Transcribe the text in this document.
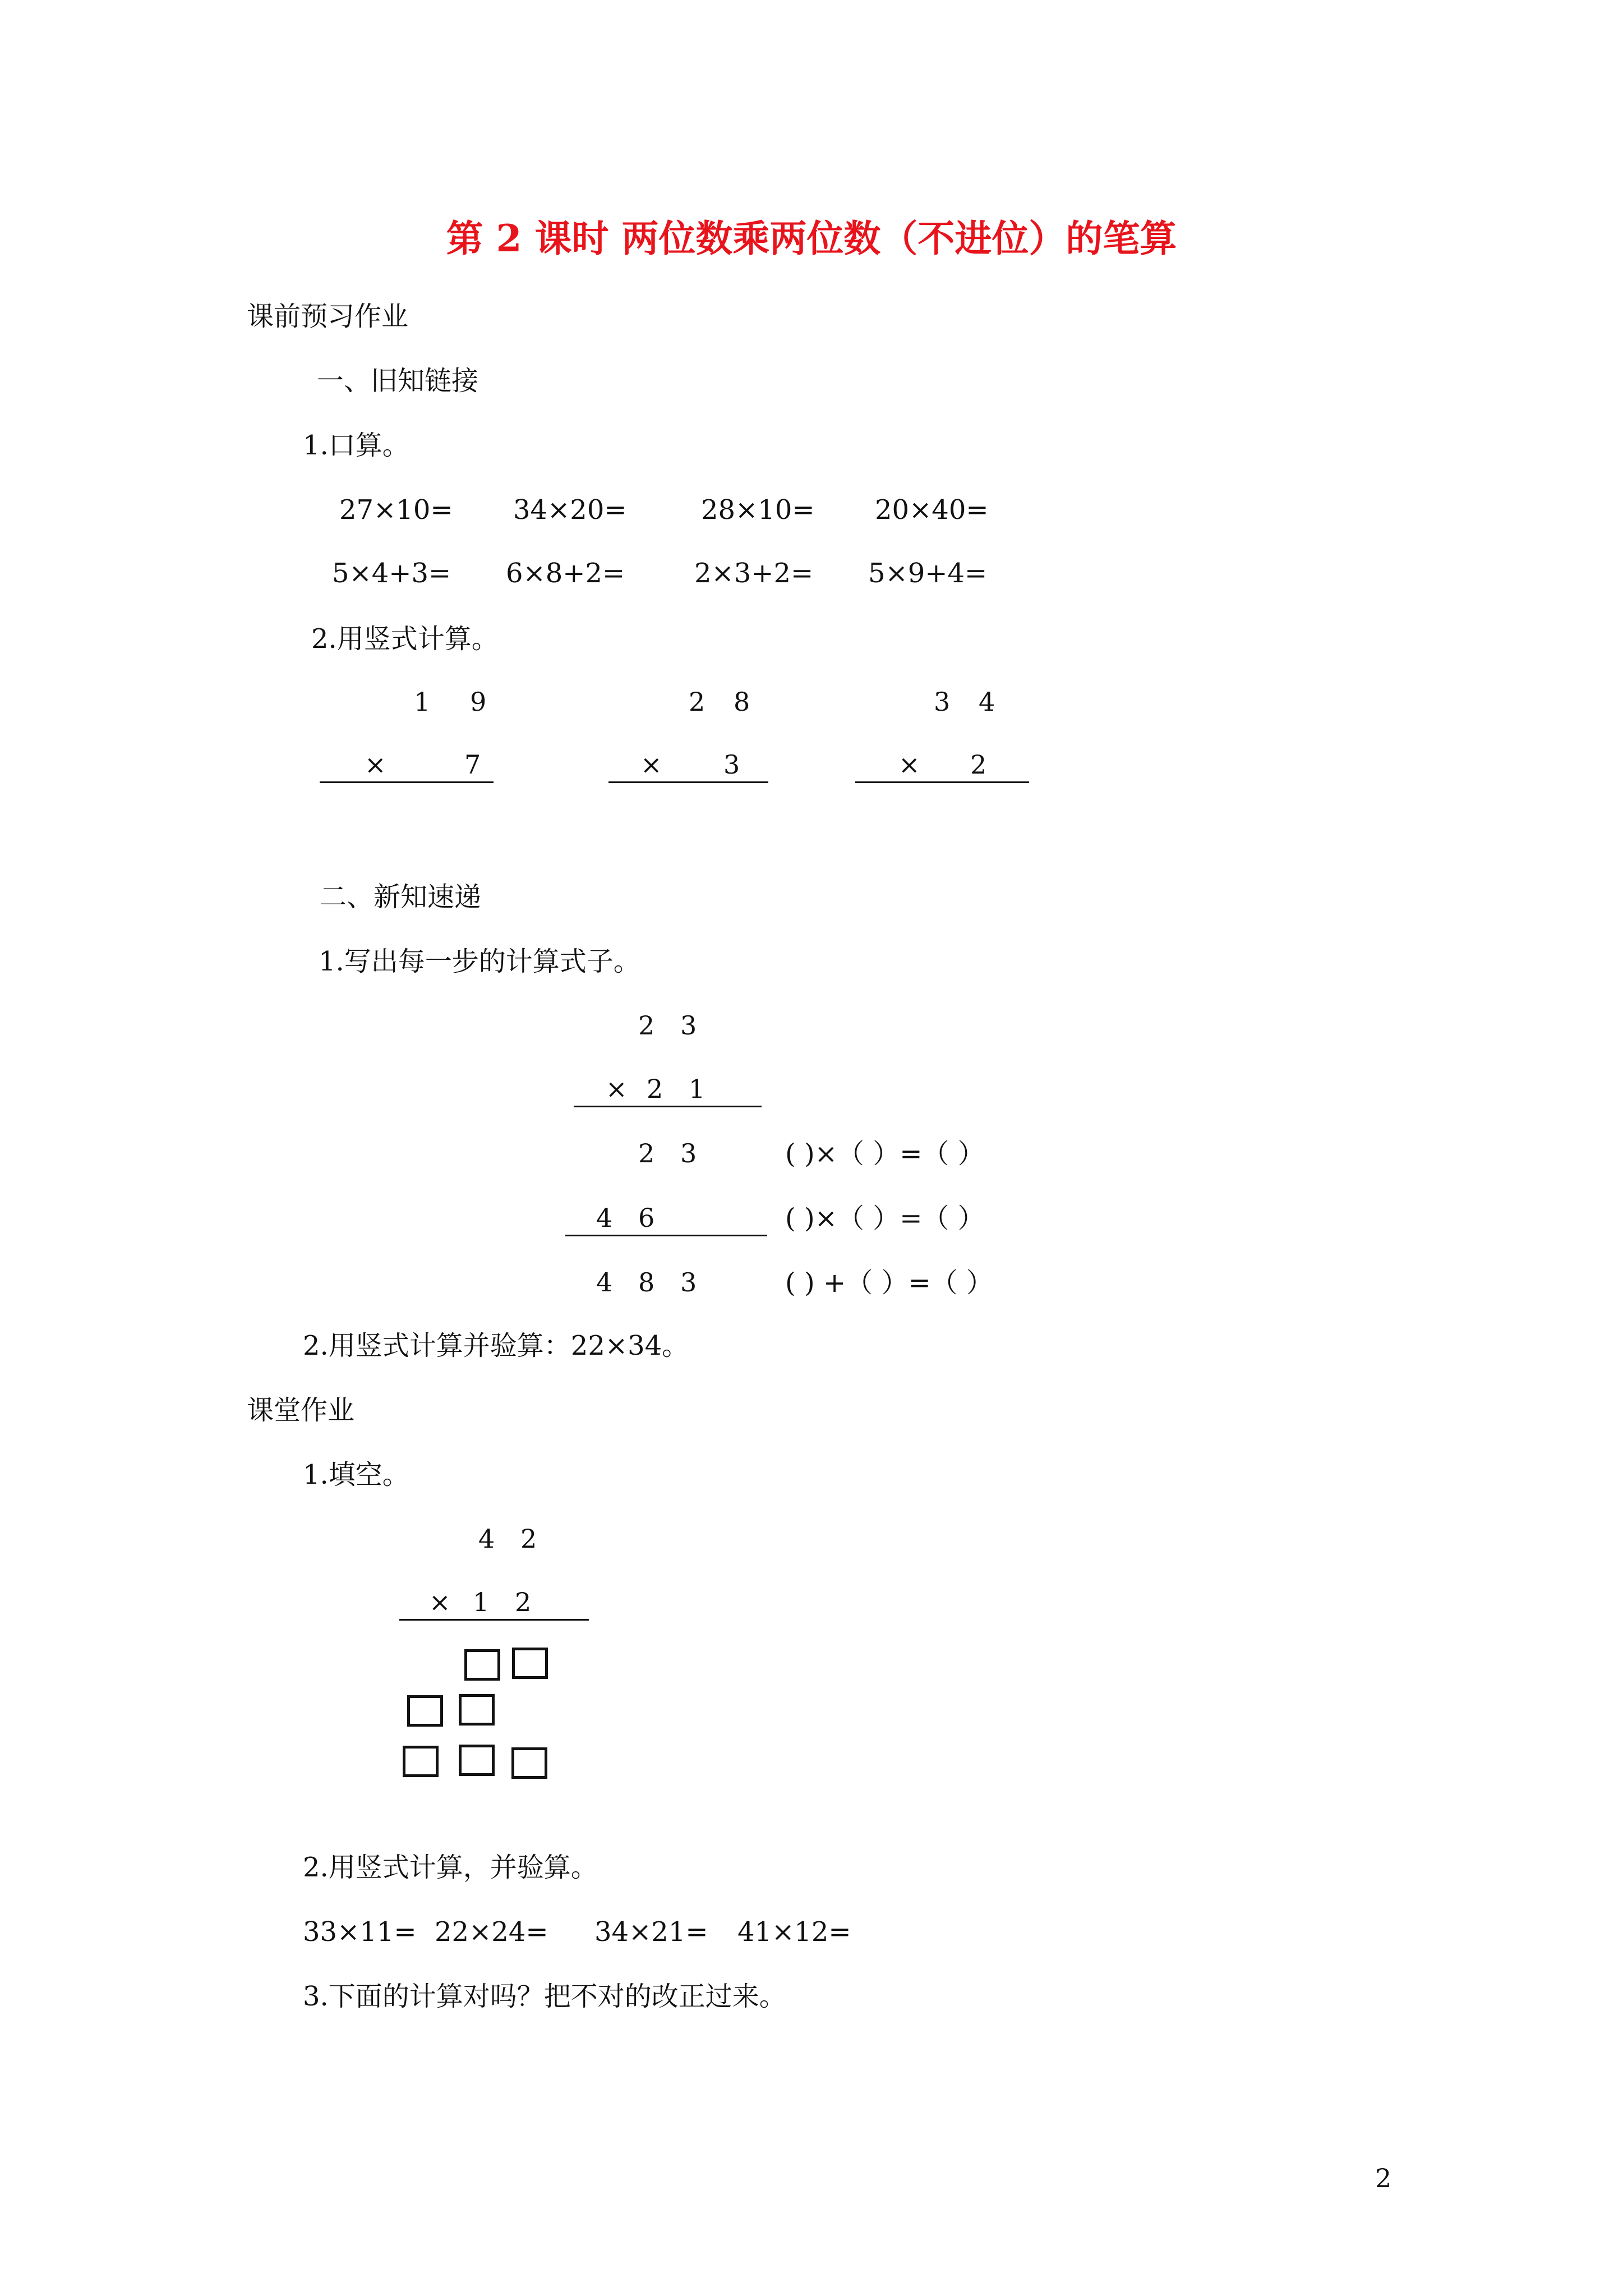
第 2 课时 两位数乘两位数（不进位）的笔算
课前预习作业
一、旧知链接
1.口算。
27×10= 34×20=	28×10= 20×40=
5×4+3= 6×8+2=	2×3+2= 5×9+4=
2.用竖式计算。
1 9
×	7
2 8
× 3
3 4
× 2
二、新知速递
1.写出每一步的计算式子。
2 3
× 2 1
2 3	( )×（ ）=（ ）
4 6	( )×（ ）=（ ）
4 8 3	( ) +（ ）=（ ）
2.用竖式计算并验算：22×34。
课堂作业
1.填空。
4 2
× 1 2
2.用竖式计算，并验算。
33×11= 22×24= 34×21= 41×12=
3.下面的计算对吗？把不对的改正过来。
2
